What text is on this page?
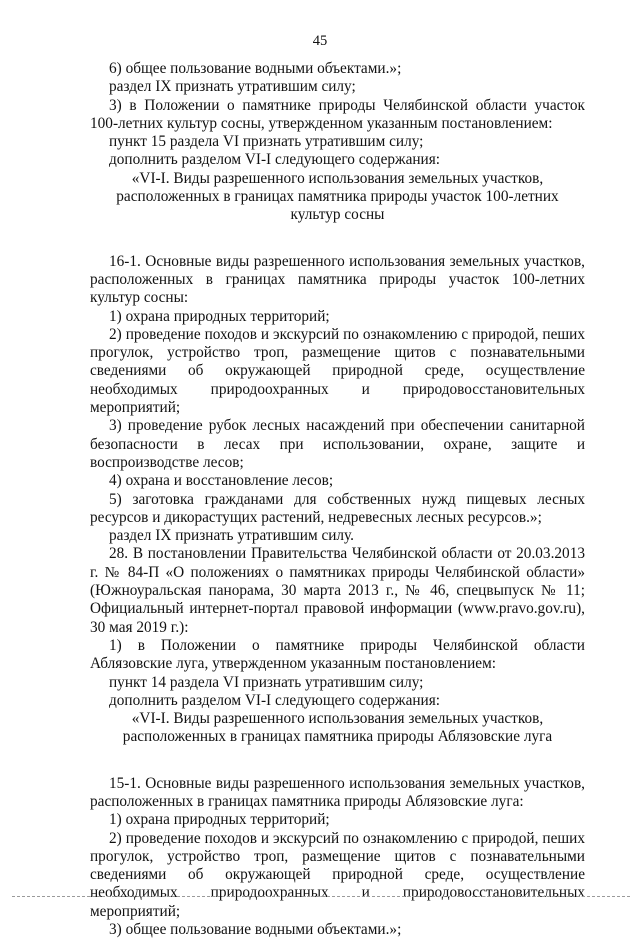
45

6) общее пользование водными объектами.»;

раздел IX признать утратившим силу;

3) в Положении о памятнике природы Челябинской области участок 100-летних культур сосны, утвержденном указанным постановлением:

пункт 15 раздела VI признать утратившим силу;

дополнить разделом VI-I следующего содержания:

«VI-I. Виды разрешенного использования земельных участков, расположенных в границах памятника природы участок 100-летних культур сосны

16-1. Основные виды разрешенного использования земельных участков, расположенных в границах памятника природы участок 100-летних культур сосны:

1) охрана природных территорий;

2) проведение походов и экскурсий по ознакомлению с природой, пеших прогулок, устройство троп, размещение щитов с познавательными сведениями об окружающей природной среде, осуществление необходимых природоохранных и природовосстановительных мероприятий;

3) проведение рубок лесных насаждений при обеспечении санитарной безопасности в лесах при использовании, охране, защите и воспроизводстве лесов;

4) охрана и восстановление лесов;

5) заготовка гражданами для собственных нужд пищевых лесных ресурсов и дикорастущих растений, недревесных лесных ресурсов.»;

раздел IX признать утратившим силу.

28. В постановлении Правительства Челябинской области от 20.03.2013 г. № 84-П «О положениях о памятниках природы Челябинской области» (Южноуральская панорама, 30 марта 2013 г., № 46, спецвыпуск № 11; Официальный интернет-портал правовой информации (www.pravo.gov.ru), 30 мая 2019 г.):

1) в Положении о памятнике природы Челябинской области Аблязовские луга, утвержденном указанным постановлением:

пункт 14 раздела VI признать утратившим силу;

дополнить разделом VI-I следующего содержания:

«VI-I. Виды разрешенного использования земельных участков, расположенных в границах памятника природы Аблязовские луга

15-1. Основные виды разрешенного использования земельных участков, расположенных в границах памятника природы Аблязовские луга:

1) охрана природных территорий;

2) проведение походов и экскурсий по ознакомлению с природой, пеших прогулок, устройство троп, размещение щитов с познавательными сведениями об окружающей природной среде, осуществление необходимых природоохранных и природовосстановительных мероприятий;

3) общее пользование водными объектами.»;
